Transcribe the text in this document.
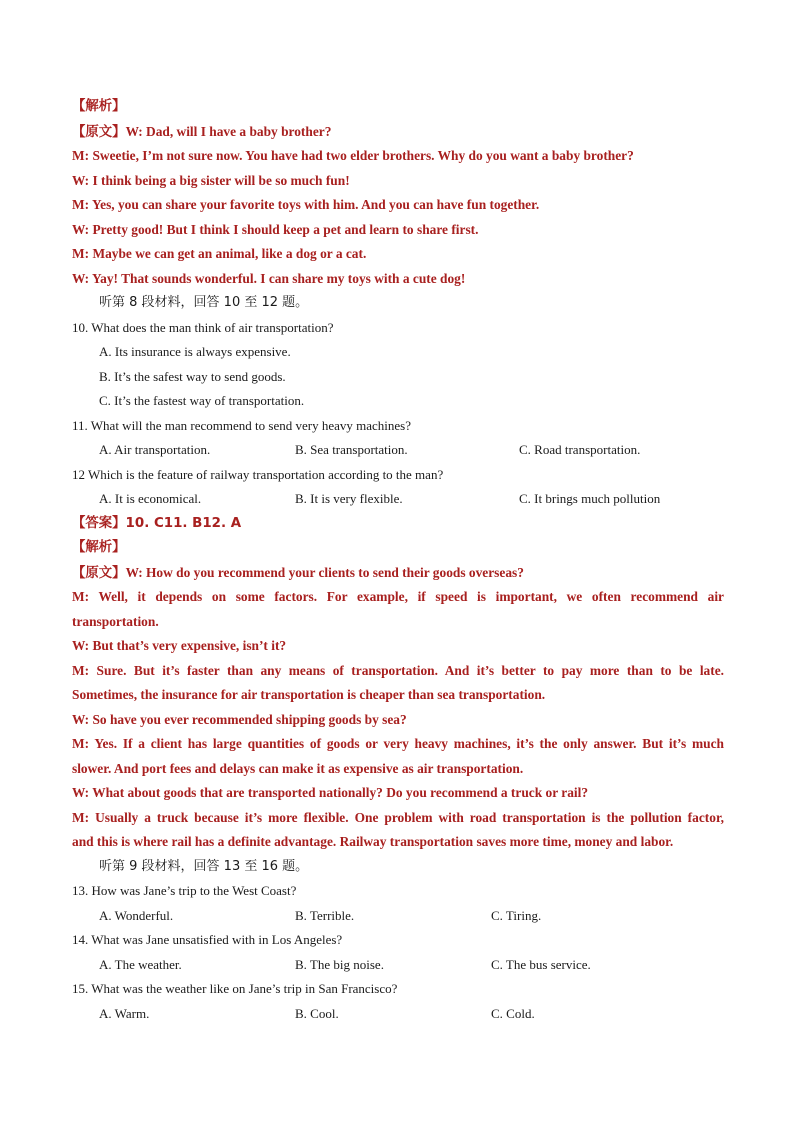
【解析】
【原文】W: Dad, will I have a baby brother?
M: Sweetie, I’m not sure now. You have had two elder brothers. Why do you want a baby brother?
W: I think being a big sister will be so much fun!
M: Yes, you can share your favorite toys with him. And you can have fun together.
W: Pretty good! But I think I should keep a pet and learn to share first.
M: Maybe we can get an animal, like a dog or a cat.
W: Yay! That sounds wonderful. I can share my toys with a cute dog!
听第 8 段材料，回答 10 至 12 题。
10. What does the man think of air transportation?
A. Its insurance is always expensive.
B. It’s the safest way to send goods.
C. It’s the fastest way of transportation.
11. What will the man recommend to send very heavy machines?
A. Air transportation.	B. Sea transportation.	C. Road transportation.
12 Which is the feature of railway transportation according to the man?
A. It is economical.	B. It is very flexible.	C. It brings much pollution
【答案】10. C11. B12. A
【解析】
【原文】W: How do you recommend your clients to send their goods overseas?
M: Well, it depends on some factors. For example, if speed is important, we often recommend air
transportation.
W: But that’s very expensive, isn’t it?
M: Sure. But it’s faster than any means of transportation. And it’s better to pay more than to be late.
Sometimes, the insurance for air transportation is cheaper than sea transportation.
W: So have you ever recommended shipping goods by sea?
M: Yes. If a client has large quantities of goods or very heavy machines, it’s the only answer. But it’s much
slower. And port fees and delays can make it as expensive as air transportation.
W: What about goods that are transported nationally? Do you recommend a truck or rail?
M: Usually a truck because it’s more flexible. One problem with road transportation is the pollution factor,
and this is where rail has a definite advantage. Railway transportation saves more time, money and labor.
听第 9 段材料，回答 13 至 16 题。
13. How was Jane’s trip to the West Coast?
A. Wonderful.	B. Terrible.	C. Tiring.
14. What was Jane unsatisfied with in Los Angeles?
A. The weather.	B. The big noise.	C. The bus service.
15. What was the weather like on Jane’s trip in San Francisco?
A. Warm.	B. Cool.	C. Cold.
